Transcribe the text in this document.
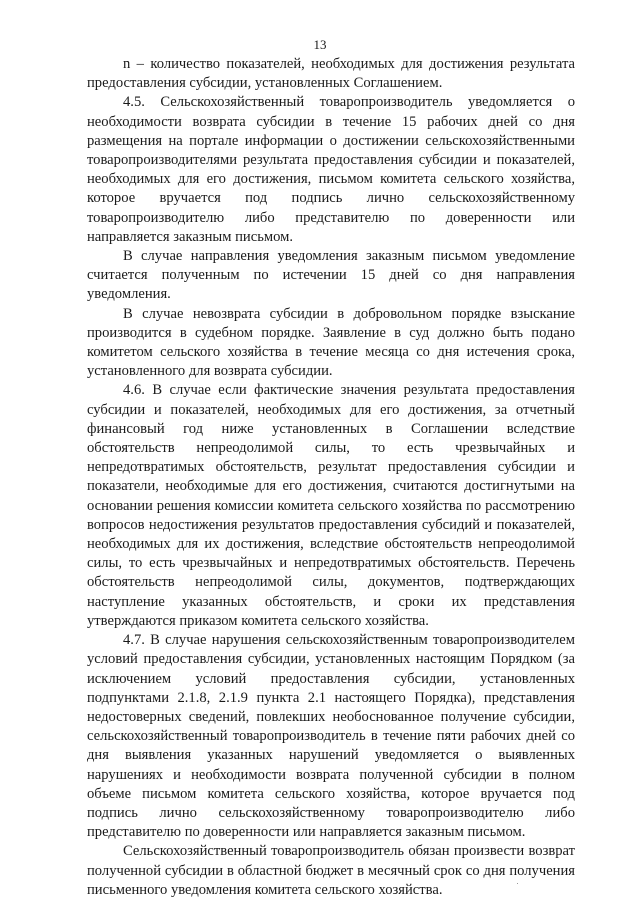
13

n – количество показателей, необходимых для достижения результата предоставления субсидии, установленных Соглашением.

4.5. Сельскохозяйственный товаропроизводитель уведомляется о необходимости возврата субсидии в течение 15 рабочих дней со дня размещения на портале информации о достижении сельскохозяйственными товаропроизводителями результата предоставления субсидии и показателей, необходимых для его достижения, письмом комитета сельского хозяйства, которое вручается под подпись лично сельскохозяйственному товаропроизводителю либо представителю по доверенности или направляется заказным письмом.

В случае направления уведомления заказным письмом уведомление считается полученным по истечении 15 дней со дня направления уведомления.

В случае невозврата субсидии в добровольном порядке взыскание производится в судебном порядке. Заявление в суд должно быть подано комитетом сельского хозяйства в течение месяца со дня истечения срока, установленного для возврата субсидии.

4.6. В случае если фактические значения результата предоставления субсидии и показателей, необходимых для его достижения, за отчетный финансовый год ниже установленных в Соглашении вследствие обстоятельств непреодолимой силы, то есть чрезвычайных и непредотвратимых обстоятельств, результат предоставления субсидии и показатели, необходимые для его достижения, считаются достигнутыми на основании решения комиссии комитета сельского хозяйства по рассмотрению вопросов недостижения результатов предоставления субсидий и показателей, необходимых для их достижения, вследствие обстоятельств непреодолимой силы, то есть чрезвычайных и непредотвратимых обстоятельств. Перечень обстоятельств непреодолимой силы, документов, подтверждающих наступление указанных обстоятельств, и сроки их представления утверждаются приказом комитета сельского хозяйства.

4.7. В случае нарушения сельскохозяйственным товаропроизводителем условий предоставления субсидии, установленных настоящим Порядком (за исключением условий предоставления субсидии, установленных подпунктами 2.1.8, 2.1.9 пункта 2.1 настоящего Порядка), представления недостоверных сведений, повлекших необоснованное получение субсидии, сельскохозяйственный товаропроизводитель в течение пяти рабочих дней со дня выявления указанных нарушений уведомляется о выявленных нарушениях и необходимости возврата полученной субсидии в полном объеме письмом комитета сельского хозяйства, которое вручается под подпись лично сельскохозяйственному товаропроизводителю либо представителю по доверенности или направляется заказным письмом.

Сельскохозяйственный товаропроизводитель обязан произвести возврат полученной субсидии в областной бюджет в месячный срок со дня получения письменного уведомления комитета сельского хозяйства.
